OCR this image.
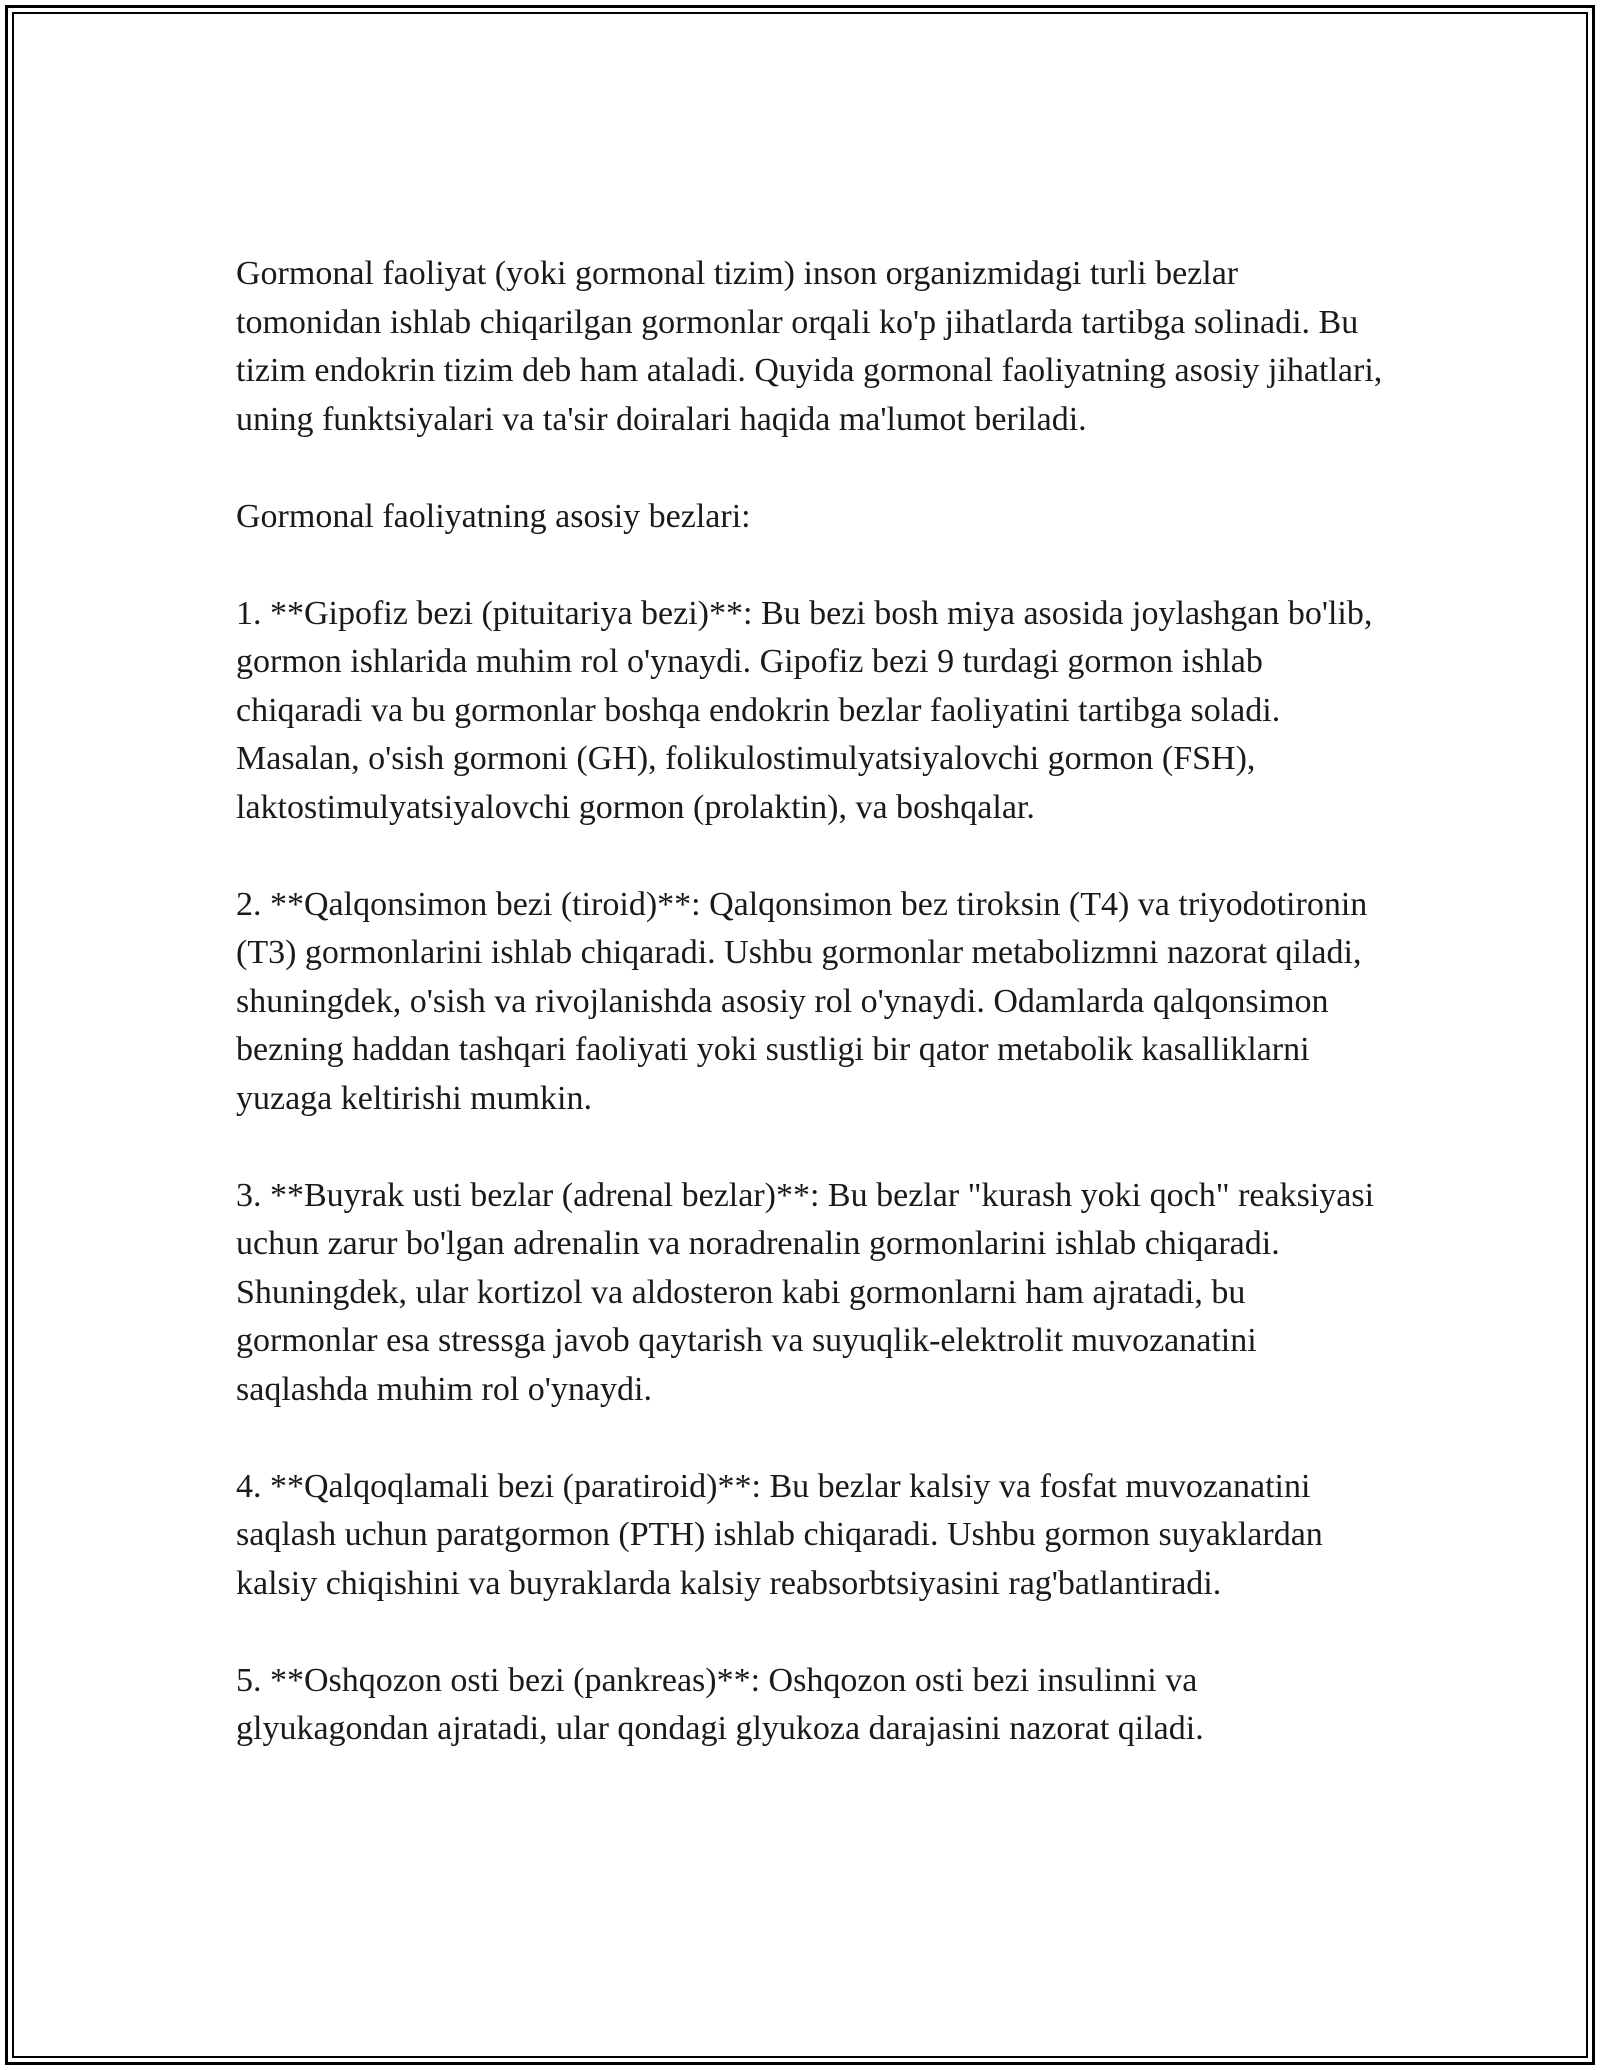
Gormonal faoliyat (yoki gormonal tizim) inson organizmidagi turli bezlar tomonidan ishlab chiqarilgan gormonlar orqali ko'p jihatlarda tartibga solinadi. Bu tizim endokrin tizim deb ham ataladi. Quyida gormonal faoliyatning asosiy jihatlari, uning funktsiyalari va ta'sir doiralari haqida ma'lumot beriladi.

Gormonal faoliyatning asosiy bezlari:

1. **Gipofiz bezi (pituitariya bezi)**: Bu bezi bosh miya asosida joylashgan bo'lib, gormon ishlarida muhim rol o'ynaydi. Gipofiz bezi 9 turdagi gormon ishlab chiqaradi va bu gormonlar boshqa endokrin bezlar faoliyatini tartibga soladi. Masalan, o'sish gormoni (GH), folikulostimulyatsiyalovchi gormon (FSH), laktostimulyatsiyalovchi gormon (prolaktin), va boshqalar.

2. **Qalqonsimon bezi (tiroid)**: Qalqonsimon bez tiroksin (T4) va triyodotironin (T3) gormonlarini ishlab chiqaradi. Ushbu gormonlar metabolizmni nazorat qiladi, shuningdek, o'sish va rivojlanishda asosiy rol o'ynaydi. Odamlarda qalqonsimon bezning haddan tashqari faoliyati yoki sustligi bir qator metabolik kasalliklarni yuzaga keltirishi mumkin.

3. **Buyrak usti bezlar (adrenal bezlar)**: Bu bezlar "kurash yoki qoch" reaksiyasi uchun zarur bo'lgan adrenalin va noradrenalin gormonlarini ishlab chiqaradi. Shuningdek, ular kortizol va aldosteron kabi gormonlarni ham ajratadi, bu gormonlar esa stressga javob qaytarish va suyuqlik-elektrolit muvozanatini saqlashda muhim rol o'ynaydi.

4. **Qalqoqlamali bezi (paratiroid)**: Bu bezlar kalsiy va fosfat muvozanatini saqlash uchun paratgormon (PTH) ishlab chiqaradi. Ushbu gormon suyaklardan kalsiy chiqishini va buyraklarda kalsiy reabsorbtsiyasini rag'batlantiradi.

5. **Oshqozon osti bezi (pankreas)**: Oshqozon osti bezi insulinni va glyukagondan ajratadi, ular qondagi glyukoza darajasini nazorat qiladi.
